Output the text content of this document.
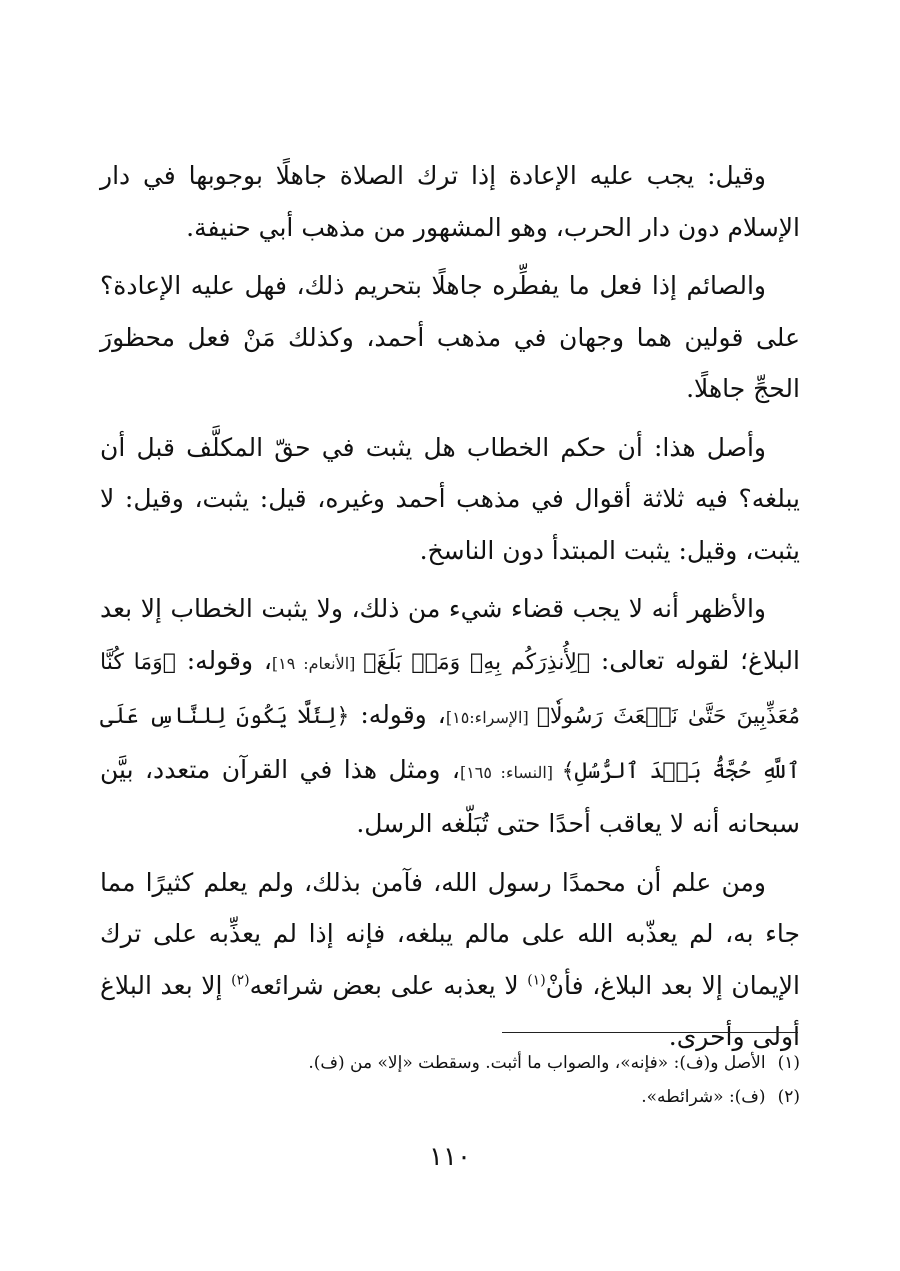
وقيل: يجب عليه الإعادة إذا ترك الصلاة جاهلًا بوجوبها في دار الإسلام دون دار الحرب، وهو المشهور من مذهب أبي حنيفة.

والصائم إذا فعل ما يفطِّره جاهلًا بتحريم ذلك، فهل عليه الإعادة؟ على قولين هما وجهان في مذهب أحمد، وكذلك مَنْ فعل محظورَ الحجِّ جاهلًا.

وأصل هذا: أن حكم الخطاب هل يثبت في حقّ المكلَّف قبل أن يبلغه؟ فيه ثلاثة أقوال في مذهب أحمد وغيره، قيل: يثبت، وقيل: لا يثبت، وقيل: يثبت المبتدأ دون الناسخ.

والأظهر أنه لا يجب قضاء شيء من ذلك، ولا يثبت الخطاب إلا بعد البلاغ؛ لقوله تعالى: ﴿لِأُنذِرَكُم بِهِۦ وَمَنۢ بَلَغَ﴾ [الأنعام: ١٩]، وقوله: ﴿وَمَا كُنَّا مُعَذِّبِينَ حَتَّىٰ نَبۡعَثَ رَسُولٗا﴾ [الإسراء:١٥]، وقوله: ﴿لِئَلَّا يَكُونَ لِلنَّاسِ عَلَى ٱللَّهِ حُجَّةُۢ بَعۡدَ ٱلرُّسُلِ﴾ [النساء: ١٦٥]، ومثل هذا في القرآن متعدد، بيَّن سبحانه أنه لا يعاقب أحدًا حتى تُبَلّغه الرسل.

ومن علم أن محمدًا رسول الله، فآمن بذلك، ولم يعلم كثيرًا مما جاء به، لم يعذّبه الله على مالم يبلغه، فإنه إذا لم يعذِّبه على ترك الإيمان إلا بعد البلاغ، فأنْ$^{(١)}$ لا يعذبه على بعض شرائعه$^{(٢)}$ إلا بعد البلاغ أولى وأحرى.

(١)الأصل و(ف): «فإنه»، والصواب ما أثبت. وسقطت «إلا» من (ف).

(٢)(ف): «شرائطه».

١١٠
